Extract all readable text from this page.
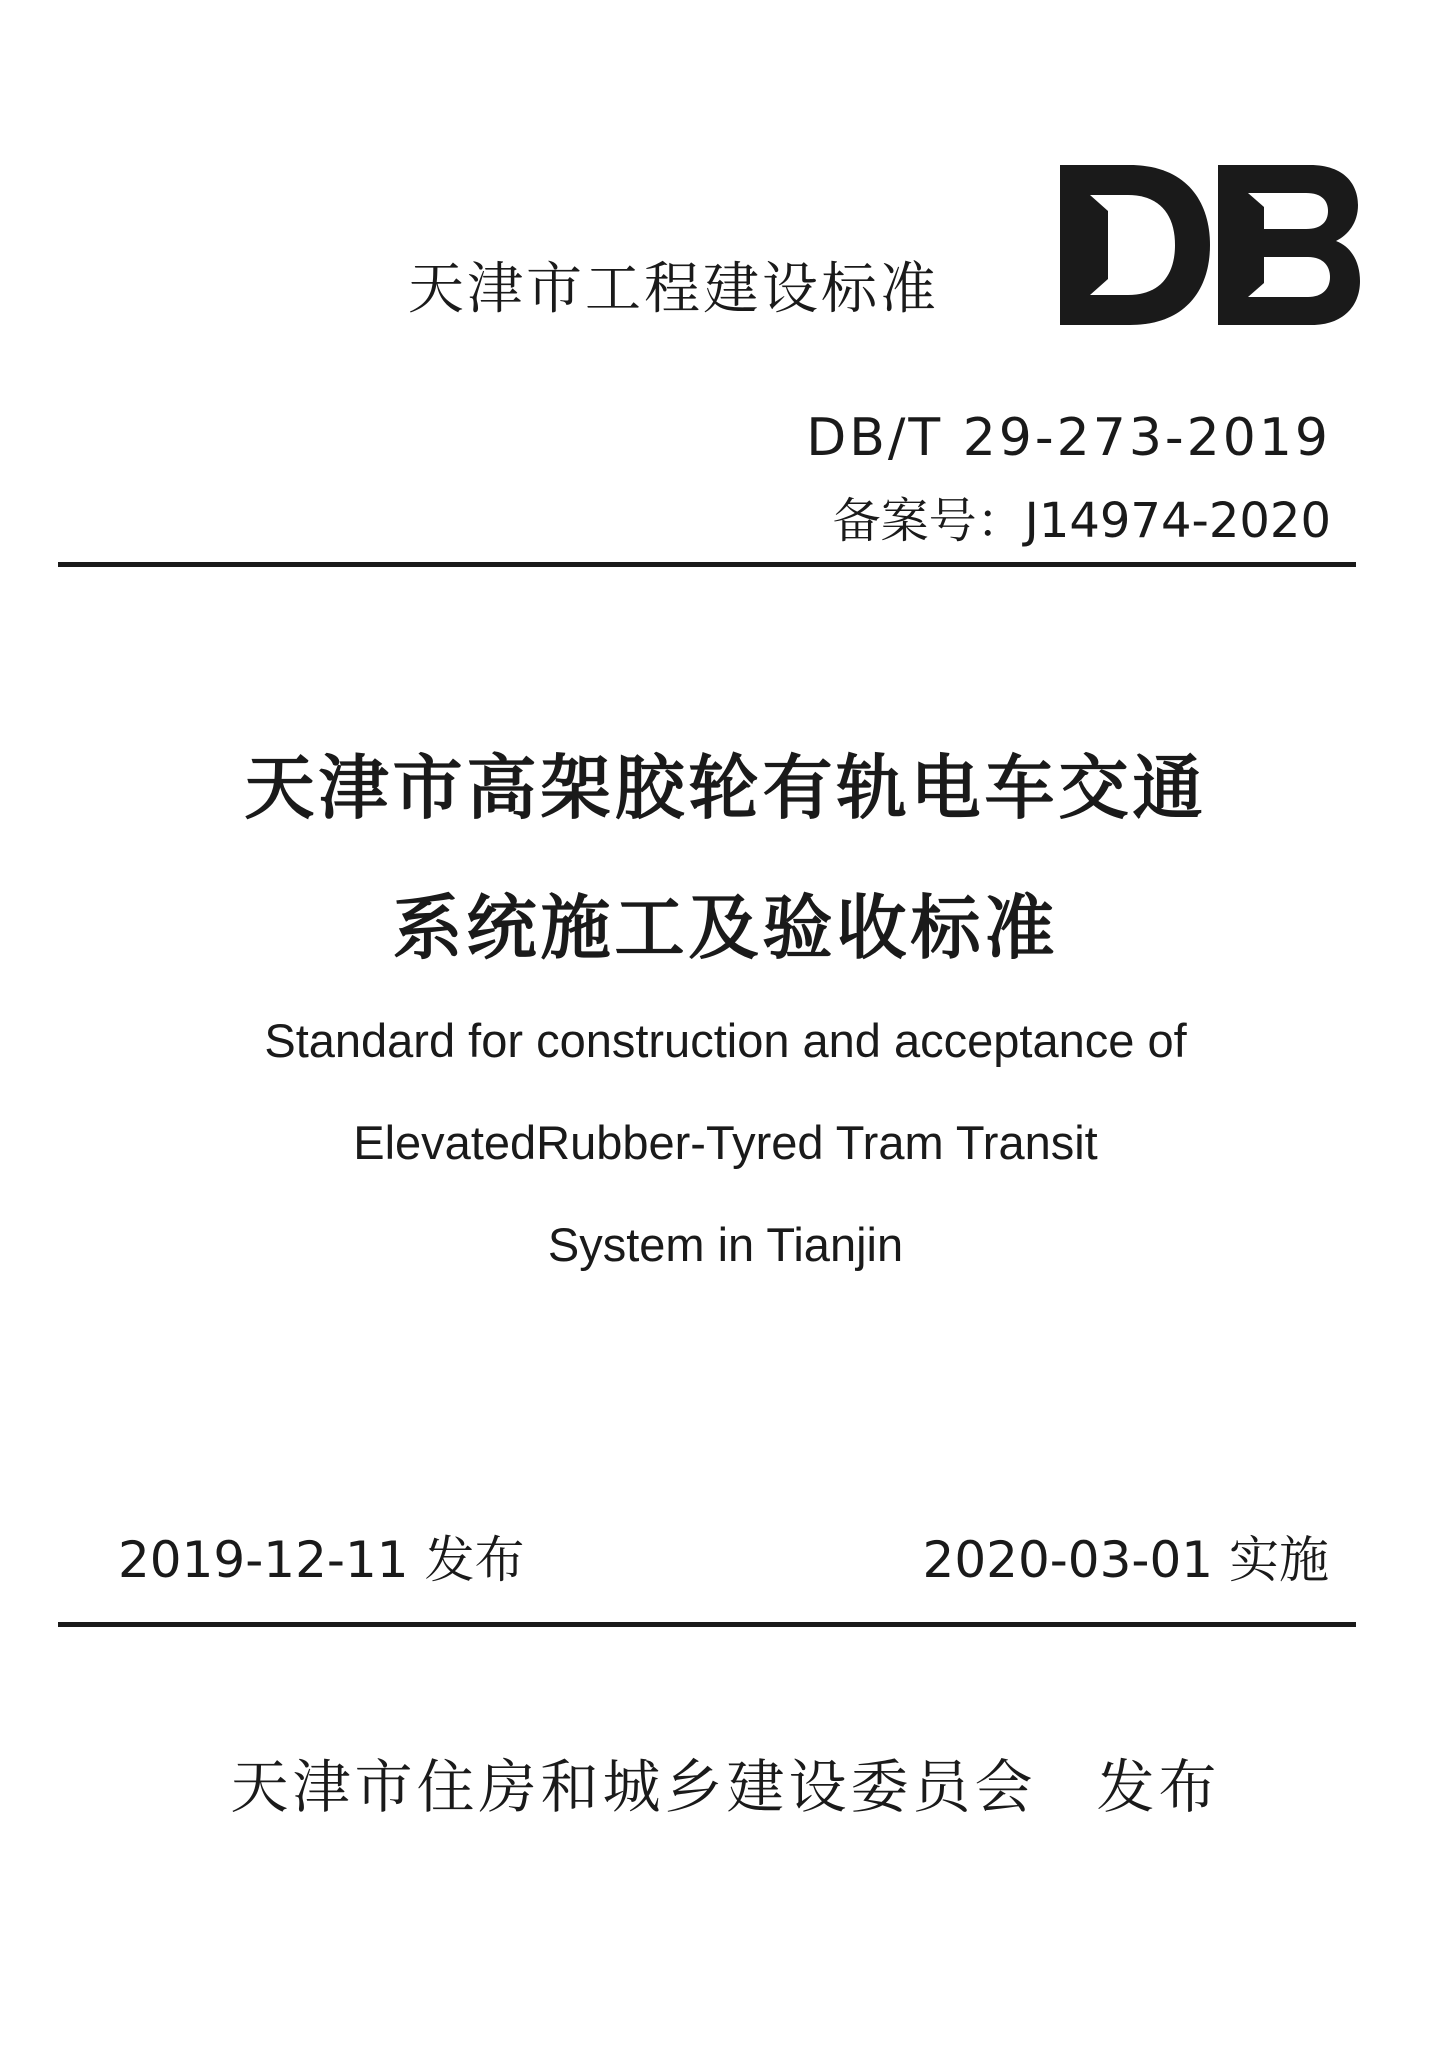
天津市工程建设标准
DB/T 29-273-2019
备案号：J14974-2020
天津市高架胶轮有轨电车交通
系统施工及验收标准
Standard for construction and acceptance of
ElevatedRubber-Tyred Tram Transit
System in Tianjin
2019-12-11 发布	2020-03-01 实施
天津市住房和城乡建设委员会 发布
